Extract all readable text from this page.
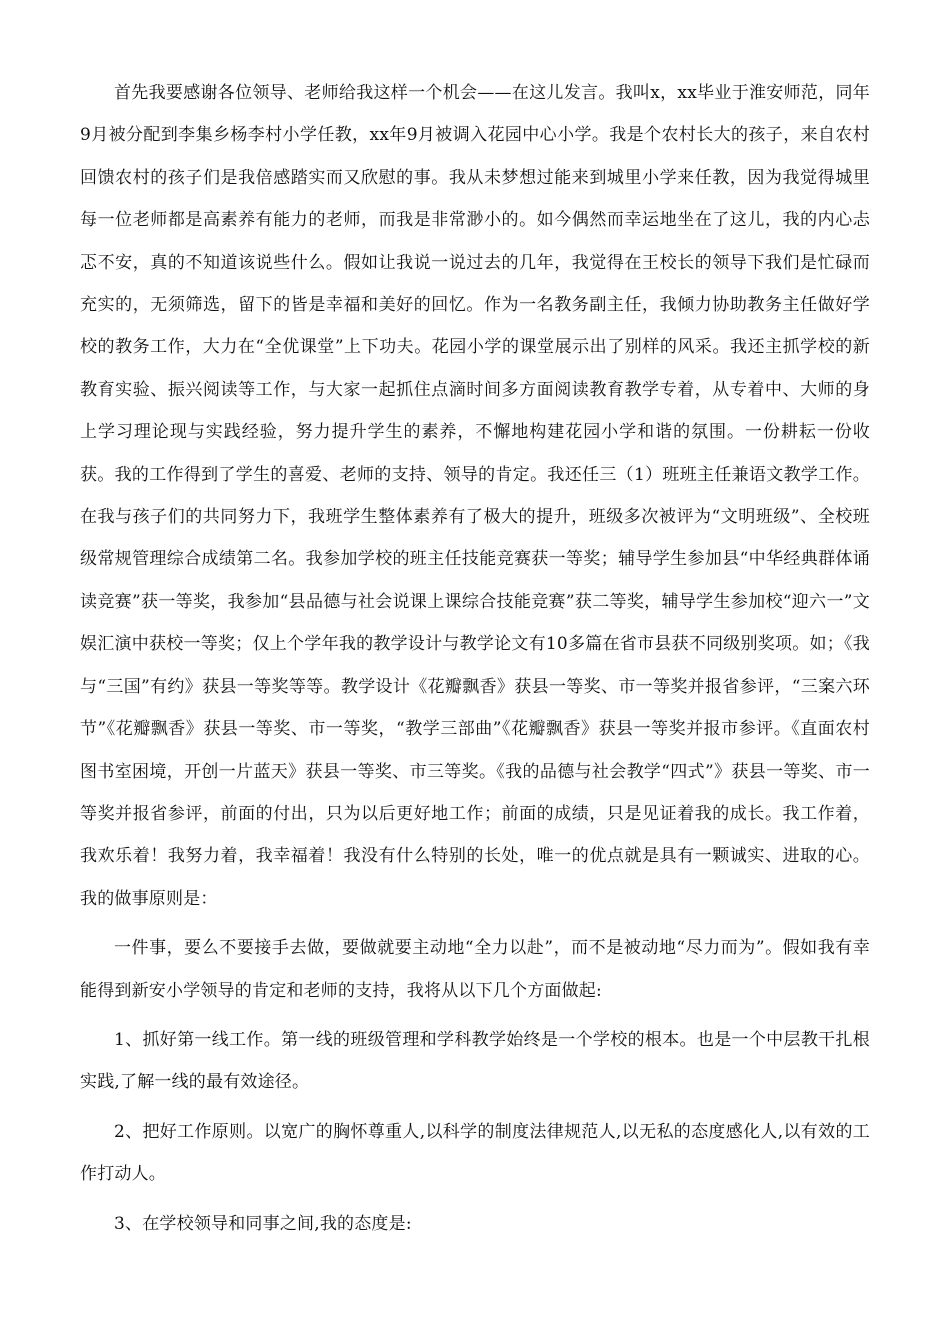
首先我要感谢各位领导、老师给我这样一个机会——在这儿发言。我叫x，xx毕业于淮安师范，同年9月被分配到李集乡杨李村小学任教，xx年9月被调入花园中心小学。我是个农村长大的孩子，来自农村回馈农村的孩子们是我倍感踏实而又欣慰的事。我从未梦想过能来到城里小学来任教，因为我觉得城里每一位老师都是高素养有能力的老师，而我是非常渺小的。如今偶然而幸运地坐在了这儿，我的内心忐忑不安，真的不知道该说些什么。假如让我说一说过去的几年，我觉得在王校长的领导下我们是忙碌而充实的，无须筛选，留下的皆是幸福和美好的回忆。作为一名教务副主任，我倾力协助教务主任做好学校的教务工作，大力在“全优课堂”上下功夫。花园小学的课堂展示出了别样的风采。我还主抓学校的新教育实验、振兴阅读等工作，与大家一起抓住点滴时间多方面阅读教育教学专着，从专着中、大师的身上学习理论现与实践经验，努力提升学生的素养，不懈地构建花园小学和谐的氛围。一份耕耘一份收获。我的工作得到了学生的喜爱、老师的支持、领导的肯定。我还任三（1）班班主任兼语文教学工作。在我与孩子们的共同努力下，我班学生整体素养有了极大的提升，班级多次被评为“文明班级”、全校班级常规管理综合成绩第二名。我参加学校的班主任技能竞赛获一等奖；辅导学生参加县“中华经典群体诵读竞赛”获一等奖，我参加“县品德与社会说课上课综合技能竞赛”获二等奖，辅导学生参加校“迎六一”文娱汇演中获校一等奖；仅上个学年我的教学设计与教学论文有10多篇在省市县获不同级别奖项。如；《我与“三国”有约》获县一等奖等等。教学设计《花瓣飘香》获县一等奖、市一等奖并报省参评，“三案六环节”《花瓣飘香》获县一等奖、市一等奖，“教学三部曲”《花瓣飘香》获县一等奖并报市参评。《直面农村图书室困境，开创一片蓝天》获县一等奖、市三等奖。《我的品德与社会教学“四式”》获县一等奖、市一等奖并报省参评，前面的付出，只为以后更好地工作；前面的成绩，只是见证着我的成长。我工作着，我欢乐着！我努力着，我幸福着！我没有什么特别的长处，唯一的优点就是具有一颗诚实、进取的心。我的做事原则是：

一件事，要么不要接手去做，要做就要主动地“全力以赴”，而不是被动地“尽力而为”。假如我有幸能得到新安小学领导的肯定和老师的支持，我将从以下几个方面做起:

1、抓好第一线工作。第一线的班级管理和学科教学始终是一个学校的根本。也是一个中层教干扎根实践,了解一线的最有效途径。

2、把好工作原则。以宽广的胸怀尊重人,以科学的制度法律规范人,以无私的态度感化人,以有效的工作打动人。

3、在学校领导和同事之间,我的态度是:
